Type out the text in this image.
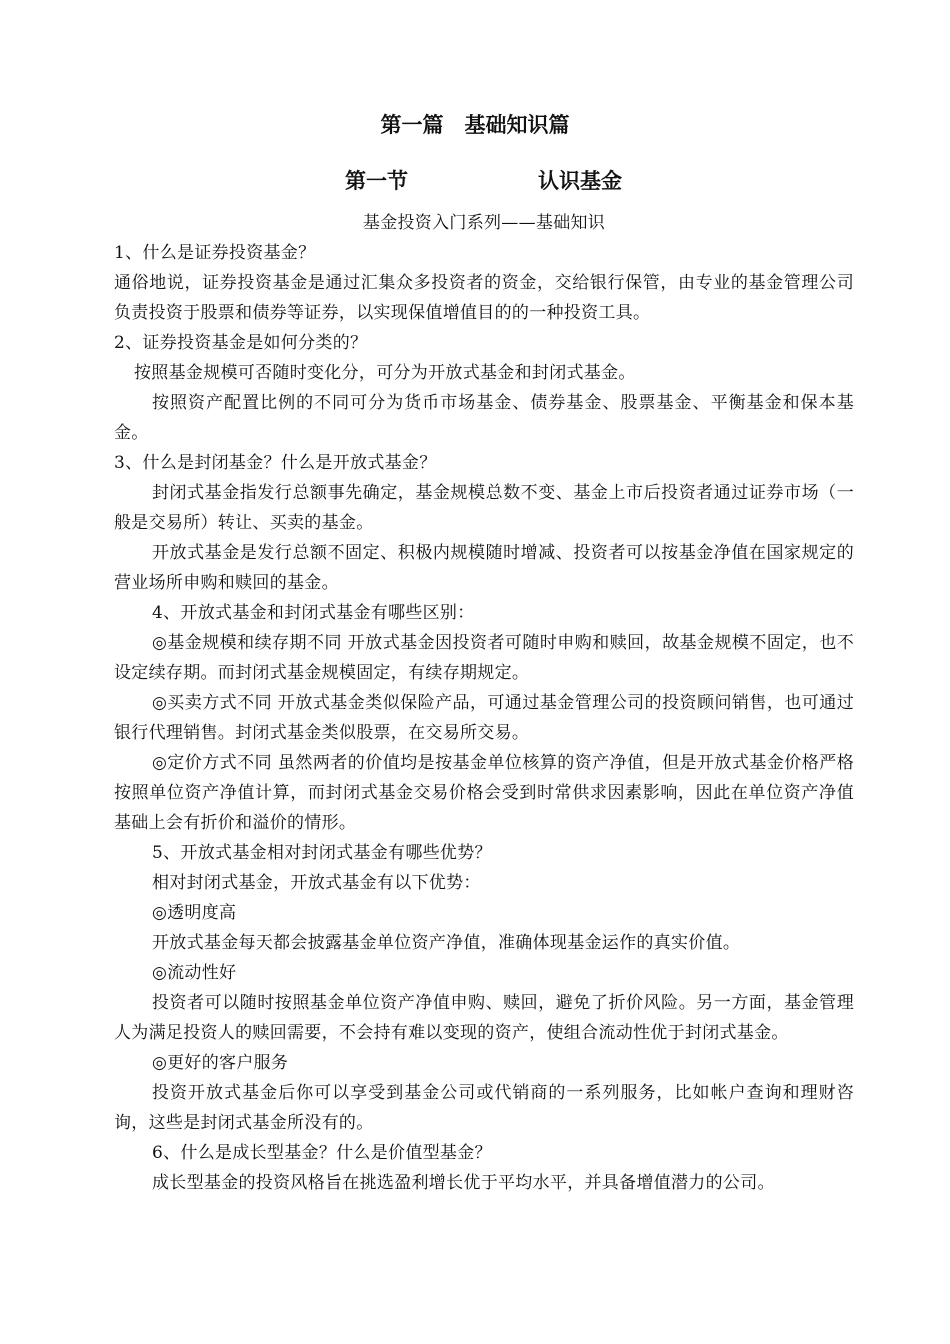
第一篇　基础知识篇
第一节	认识基金

基金投资入门系列——基础知识

1、什么是证券投资基金？

通俗地说，证券投资基金是通过汇集众多投资者的资金，交给银行保管，由专业的基金管理公司负责投资于股票和债券等证券，以实现保值增值目的的一种投资工具。

2、证券投资基金是如何分类的？

按照基金规模可否随时变化分，可分为开放式基金和封闭式基金。

按照资产配置比例的不同可分为货币市场基金、债券基金、股票基金、平衡基金和保本基金。

3、什么是封闭基金？什么是开放式基金？

封闭式基金指发行总额事先确定，基金规模总数不变、基金上市后投资者通过证券市场（一般是交易所）转让、买卖的基金。

开放式基金是发行总额不固定、积极内规模随时增减、投资者可以按基金净值在国家规定的营业场所申购和赎回的基金。

4、开放式基金和封闭式基金有哪些区别：

◎基金规模和续存期不同 开放式基金因投资者可随时申购和赎回，故基金规模不固定，也不设定续存期。而封闭式基金规模固定，有续存期规定。

◎买卖方式不同 开放式基金类似保险产品，可通过基金管理公司的投资顾问销售，也可通过银行代理销售。封闭式基金类似股票，在交易所交易。

◎定价方式不同 虽然两者的价值均是按基金单位核算的资产净值，但是开放式基金价格严格按照单位资产净值计算，而封闭式基金交易价格会受到时常供求因素影响，因此在单位资产净值基础上会有折价和溢价的情形。

5、开放式基金相对封闭式基金有哪些优势？

相对封闭式基金，开放式基金有以下优势：

◎透明度高

开放式基金每天都会披露基金单位资产净值，准确体现基金运作的真实价值。

◎流动性好

投资者可以随时按照基金单位资产净值申购、赎回，避免了折价风险。另一方面，基金管理人为满足投资人的赎回需要，不会持有难以变现的资产，使组合流动性优于封闭式基金。

◎更好的客户服务

投资开放式基金后你可以享受到基金公司或代销商的一系列服务，比如帐户查询和理财咨询，这些是封闭式基金所没有的。

6、什么是成长型基金？什么是价值型基金？

成长型基金的投资风格旨在挑选盈利增长优于平均水平，并具备增值潜力的公司。
